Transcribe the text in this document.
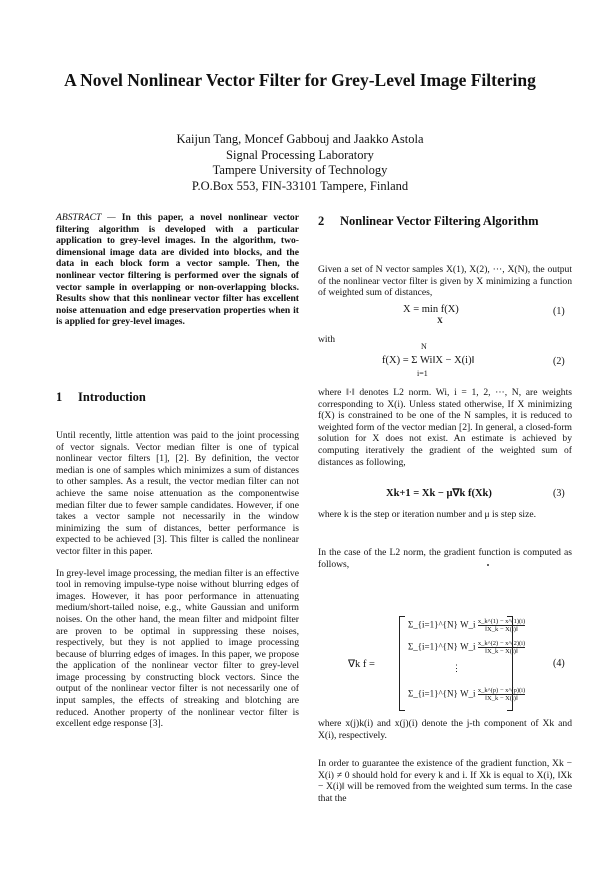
A Novel Nonlinear Vector Filter for Grey-Level Image Filtering
Kaijun Tang, Moncef Gabbouj and Jaakko Astola
Signal Processing Laboratory
Tampere University of Technology
P.O.Box 553, FIN-33101 Tampere, Finland
ABSTRACT — In this paper, a novel nonlinear vector filtering algorithm is developed with a particular application to grey-level images. In the algorithm, two-dimensional image data are divided into blocks, and the data in each block form a vector sample. Then, the nonlinear vector filtering is performed over the signals of vector sample in overlapping or non-overlapping blocks. Results show that this nonlinear vector filter has excellent noise attenuation and edge preservation properties when it is applied for grey-level images.
1 Introduction

Until recently, little attention was paid to the joint processing of vector signals. Vector median filter is one of typical nonlinear vector filters [1], [2]. By definition, the vector median is one of samples which minimizes a sum of distances to other samples. As a result, the vector median filter can not achieve the same noise attenuation as the componentwise median filter due to fewer sample candidates. However, if one takes a vector sample not necessarily in the window minimizing the sum of distances, better performance is expected to be achieved [3]. This filter is called the nonlinear vector filter in this paper.

In grey-level image processing, the median filter is an effective tool in removing impulse-type noise without blurring edges of images. However, it has poor performance in attenuating medium/short-tailed noise, e.g., white Gaussian and uniform noises. On the other hand, the mean filter and midpoint filter are proven to be optimal in suppressing these noises, respectively, but they is not applied to image processing because of blurring edges of images. In this paper, we propose the application of the nonlinear vector filter to grey-level image processing by constructing block vectors. Since the output of the nonlinear vector filter is not necessarily one of input samples, the effects of streaking and blotching are reduced. Another property of the nonlinear vector filter is excellent edge response [3].

2 Nonlinear Vector Filtering Algorithm
Given a set of N vector samples X(1), X(2), ···, X(N), the output of the nonlinear vector filter is given by X minimizing a function of weighted sum of distances,
X = min f(X)
X
(1)
with
N
f(X) = Σ Wi‖X − X(i)‖
i=1
(2)
where ‖·‖ denotes L2 norm. Wi, i = 1, 2, ···, N, are weights corresponding to X(i). Unless stated otherwise, If X minimizing f(X) is constrained to be one of the N samples, it is reduced to weighted form of the vector median [2]. In general, a closed-form solution for X does not exist. An estimate is achieved by computing iteratively the gradient of the weighted sum of distances as following,
Xk+1 = Xk − μ∇k f(Xk)	(3)
where k is the step or iteration number and μ is step size.
In the case of the L2 norm, the gradient function is computed as follows,
∇k f =
Σ_{i=1}^{N} W_i $\frac{x\_k\^{}(1) - x\^{}(1)(i)}{‖X\_k - X(i)‖}$
Σ_{i=1}^{N} W_i $\frac{x\_k\^{}(2) - x\^{}(2)(i)}{‖X\_k - X(i)‖}$
⋮
Σ_{i=1}^{N} W_i $\frac{x\_k\^{}(p) - x\^{}(p)(i)}{‖X\_k - X(i)‖}$
(4)
where x(j)k(i) and x(j)(i) denote the j-th component of Xk and X(i), respectively.
In order to guarantee the existence of the gradient function, Xk − X(i) ≠ 0 should hold for every k and i. If Xk is equal to X(i), ‖Xk − X(i)‖ will be removed from the weighted sum terms. In the case that the
